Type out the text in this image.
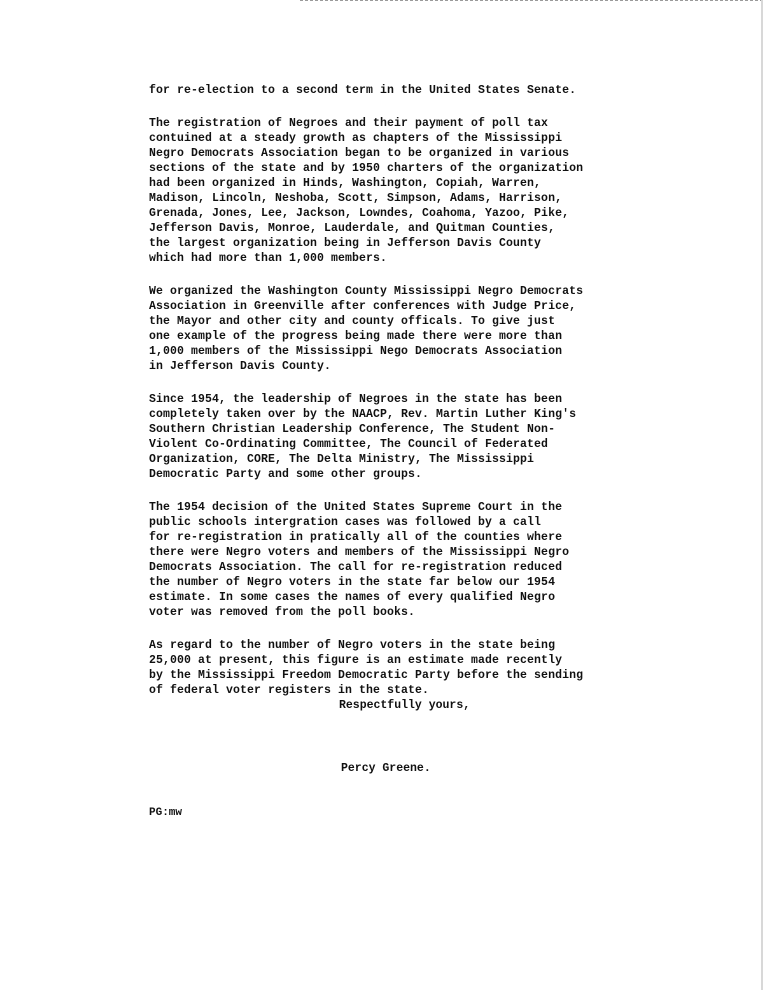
for re-election to a second term in the United States Senate.

The registration of Negroes and their payment of poll tax
contuined at a steady growth as chapters of the Mississippi
Negro Democrats Association began to be organized in various
sections of the state and by 1950 charters of the organization
had been organized in Hinds, Washington, Copiah, Warren,
Madison, Lincoln, Neshoba, Scott, Simpson, Adams, Harrison,
Grenada, Jones, Lee, Jackson, Lowndes, Coahoma, Yazoo, Pike,
Jefferson Davis, Monroe, Lauderdale, and Quitman Counties,
the largest organization being in Jefferson Davis County
which had more than 1,000 members.

We organized the Washington County Mississippi Negro Democrats
Association in Greenville after conferences with Judge Price,
the Mayor and other city and county officals. To give just
one example of the progress being made there were more than
1,000 members of the Mississippi Nego Democrats Association
in Jefferson Davis County.

Since 1954, the leadership of Negroes in the state has been
completely taken over by the NAACP, Rev. Martin Luther King's
Southern Christian Leadership Conference, The Student Non-
Violent Co-Ordinating Committee, The Council of Federated
Organization, CORE, The Delta Ministry, The Mississippi
Democratic Party and some other groups.

The 1954 decision of the United States Supreme Court in the
public schools intergration cases was followed by a call
for re-registration in pratically all of the counties where
there were Negro voters and members of the Mississippi Negro
Democrats Association. The call for re-registration reduced
the number of Negro voters in the state far below our 1954
estimate. In some cases the names of every qualified Negro
voter was removed from the poll books.

As regard to the number of Negro voters in the state being
25,000 at present, this figure is an estimate made recently
by the Mississippi Freedom Democratic Party before the sending
of federal voter registers in the state.

Respectfully yours,
Percy Greene.
PG:mw
